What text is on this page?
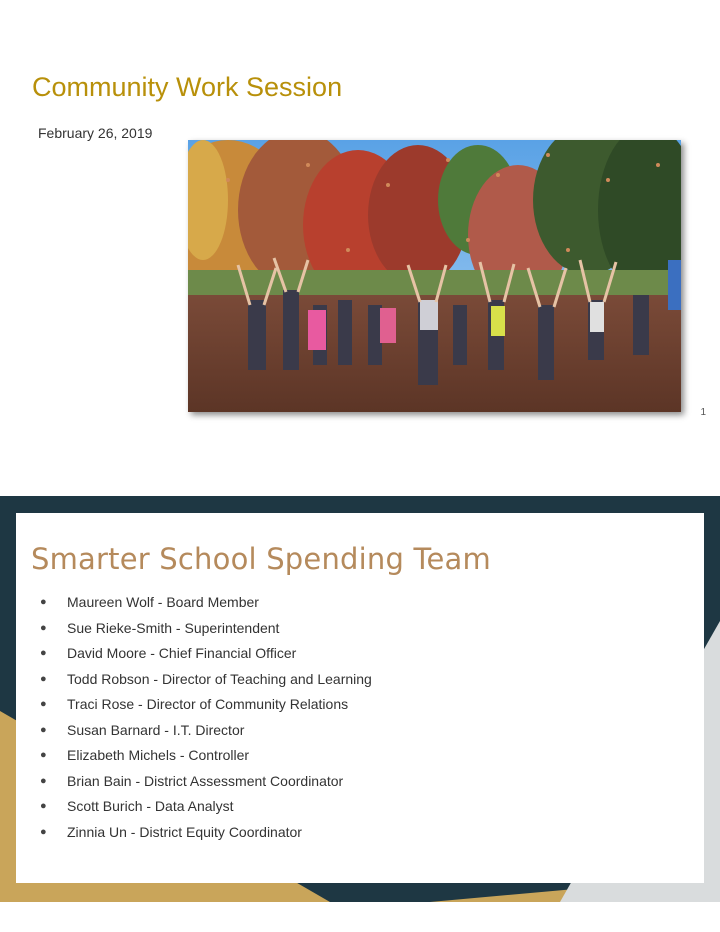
Community Work Session
February 26, 2019
1
Smarter School Spending Team
● Maureen Wolf - Board Member
● Sue Rieke-Smith - Superintendent
● David Moore - Chief Financial Officer
● Todd Robson - Director of Teaching and Learning
● Traci Rose - Director of Community Relations
● Susan Barnard - I.T. Director
● Elizabeth Michels - Controller
● Brian Bain - District Assessment Coordinator
● Scott Burich - Data Analyst
● Zinnia Un - District Equity Coordinator
